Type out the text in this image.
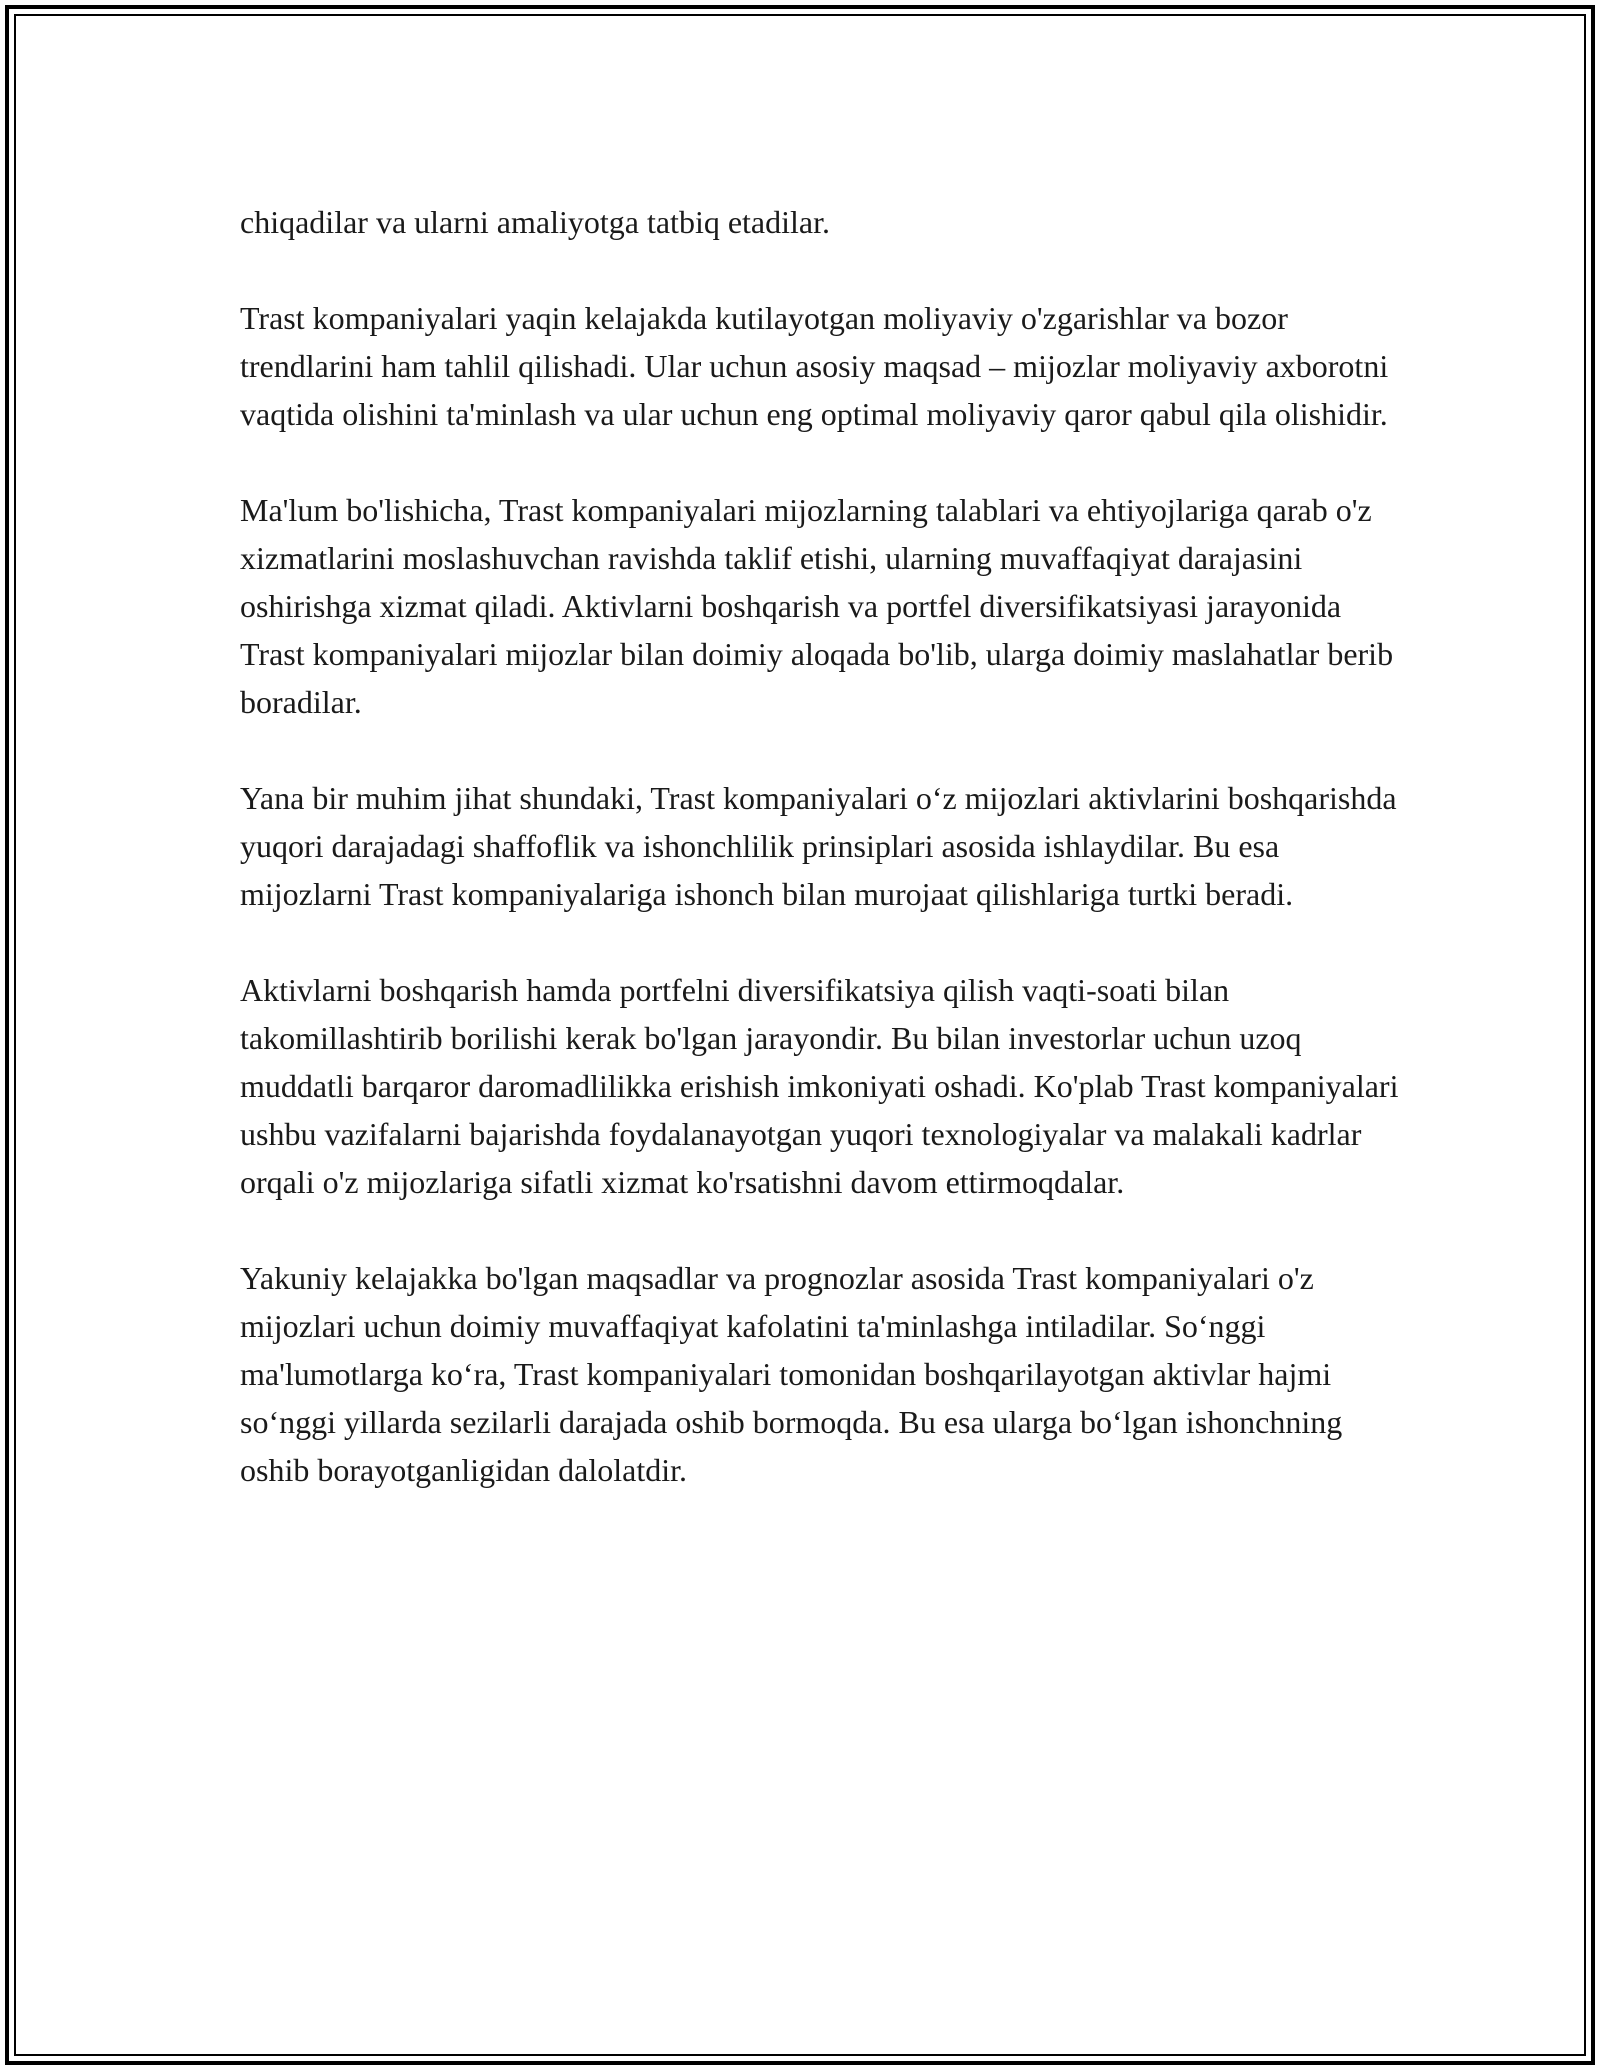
chiqadilar va ularni amaliyotga tatbiq etadilar.

Trast kompaniyalari yaqin kelajakda kutilayotgan moliyaviy o'zgarishlar va bozor trendlarini ham tahlil qilishadi. Ular uchun asosiy maqsad – mijozlar moliyaviy axborotni vaqtida olishini ta'minlash va ular uchun eng optimal moliyaviy qaror qabul qila olishidir.

Ma'lum bo'lishicha, Trast kompaniyalari mijozlarning talablari va ehtiyojlariga qarab o'z xizmatlarini moslashuvchan ravishda taklif etishi, ularning muvaffaqiyat darajasini oshirishga xizmat qiladi. Aktivlarni boshqarish va portfel diversifikatsiyasi jarayonida Trast kompaniyalari mijozlar bilan doimiy aloqada bo'lib, ularga doimiy maslahatlar berib boradilar.

Yana bir muhim jihat shundaki, Trast kompaniyalari o‘z mijozlari aktivlarini boshqarishda yuqori darajadagi shaffoflik va ishonchlilik prinsiplari asosida ishlaydilar. Bu esa mijozlarni Trast kompaniyalariga ishonch bilan murojaat qilishlariga turtki beradi.

Aktivlarni boshqarish hamda portfelni diversifikatsiya qilish vaqti-soati bilan takomillashtirib borilishi kerak bo'lgan jarayondir. Bu bilan investorlar uchun uzoq muddatli barqaror daromadlilikka erishish imkoniyati oshadi. Ko'plab Trast kompaniyalari ushbu vazifalarni bajarishda foydalanayotgan yuqori texnologiyalar va malakali kadrlar orqali o'z mijozlariga sifatli xizmat ko'rsatishni davom ettirmoqdalar.

Yakuniy kelajakka bo'lgan maqsadlar va prognozlar asosida Trast kompaniyalari o'z mijozlari uchun doimiy muvaffaqiyat kafolatini ta'minlashga intiladilar. So‘nggi ma'lumotlarga ko‘ra, Trast kompaniyalari tomonidan boshqarilayotgan aktivlar hajmi so‘nggi yillarda sezilarli darajada oshib bormoqda. Bu esa ularga bo‘lgan ishonchning oshib borayotganligidan dalolatdir.
